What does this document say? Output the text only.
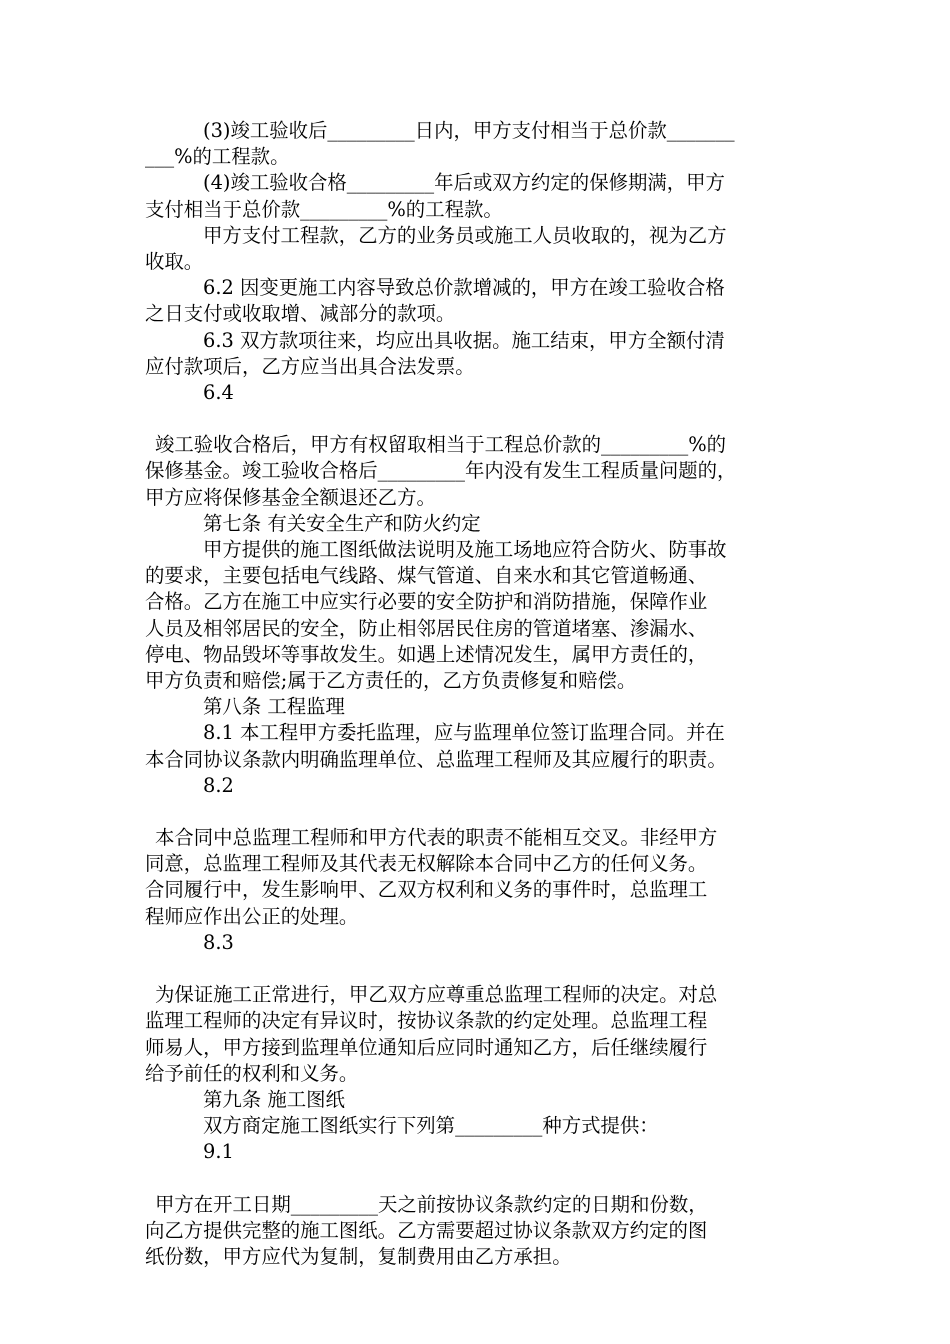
(3)竣工验收后_________日内，甲方支付相当于总价款_______
___%的工程款。
(4)竣工验收合格_________年后或双方约定的保修期满，甲方
支付相当于总价款_________%的工程款。
甲方支付工程款，乙方的业务员或施工人员收取的，视为乙方
收取。
6.2 因变更施工内容导致总价款增减的，甲方在竣工验收合格
之日支付或收取增、减部分的款项。
6.3 双方款项往来，均应出具收据。施工结束，甲方全额付清
应付款项后，乙方应当出具合法发票。
6.4
竣工验收合格后，甲方有权留取相当于工程总价款的_________%的
保修基金。竣工验收合格后_________年内没有发生工程质量问题的，
甲方应将保修基金全额退还乙方。
第七条 有关安全生产和防火约定
甲方提供的施工图纸做法说明及施工场地应符合防火、防事故
的要求，主要包括电气线路、煤气管道、自来水和其它管道畅通、
合格。乙方在施工中应实行必要的安全防护和消防措施，保障作业
人员及相邻居民的安全，防止相邻居民住房的管道堵塞、渗漏水、
停电、物品毁坏等事故发生。如遇上述情况发生，属甲方责任的，
甲方负责和赔偿;属于乙方责任的，乙方负责修复和赔偿。
第八条 工程监理
8.1 本工程甲方委托监理，应与监理单位签订监理合同。并在
本合同协议条款内明确监理单位、总监理工程师及其应履行的职责。
8.2
本合同中总监理工程师和甲方代表的职责不能相互交叉。非经甲方
同意，总监理工程师及其代表无权解除本合同中乙方的任何义务。
合同履行中，发生影响甲、乙双方权利和义务的事件时，总监理工
程师应作出公正的处理。
8.3
为保证施工正常进行，甲乙双方应尊重总监理工程师的决定。对总
监理工程师的决定有异议时，按协议条款的约定处理。总监理工程
师易人，甲方接到监理单位通知后应同时通知乙方，后任继续履行
给予前任的权利和义务。
第九条 施工图纸
双方商定施工图纸实行下列第_________种方式提供：
9.1
甲方在开工日期_________天之前按协议条款约定的日期和份数，
向乙方提供完整的施工图纸。乙方需要超过协议条款双方约定的图
纸份数，甲方应代为复制，复制费用由乙方承担。
